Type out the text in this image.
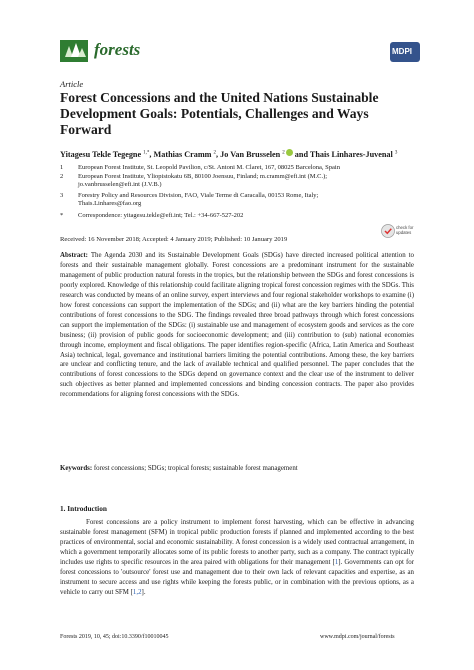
forests	MDPI
Article
Forest Concessions and the United Nations Sustainable Development Goals: Potentials, Challenges and Ways Forward
Yitagesu Tekle Tegegne $^{1,*}$, Mathias Cramm $^2$, Jo Van Brusselen $^2$ and Thais Linhares-Juvenal $^3$
1 European Forest Institute, St. Leopold Pavilion, c/St. Antoni M. Claret, 167, 08025 Barcelona, Spain
2 European Forest Institute, Yliopistokatu 6B, 80100 Joensuu, Finland; m.cramm@efi.int (M.C.); jo.vanbrusselen@efi.int (J.V.B.)
3 Forestry Policy and Resources Division, FAO, Viale Terme di Caracalla, 00153 Rome, Italy; Thais.Linhares@fao.org
* Correspondence: yitagesu.tekle@efi.int; Tel.: +34-667-527-202
check for updates
Received: 16 November 2018; Accepted: 4 January 2019; Published: 10 January 2019
Abstract: The Agenda 2030 and its Sustainable Development Goals (SDGs) have directed increased political attention to forests and their sustainable management globally. Forest concessions are a predominant instrument for the sustainable management of public production natural forests in the tropics, but the relationship between the SDGs and forest concessions is poorly explored. Knowledge of this relationship could facilitate aligning tropical forest concession regimes with the SDGs. This research was conducted by means of an online survey, expert interviews and four regional stakeholder workshops to examine (i) how forest concessions can support the implementation of the SDGs; and (ii) what are the key barriers hinding the potential contributions of forest concessions to the SDG. The findings revealed three broad pathways through which forest concessions can support the implementation of the SDGs: (i) sustainable use and management of ecosystem goods and services as the core business; (ii) provision of public goods for socioeconomic development; and (iii) contribution to (sub) national economies through income, employment and fiscal obligations. The paper identifies region-specific (Africa, Latin America and Southeast Asia) technical, legal, governance and institutional barriers limiting the potential contributions. Among these, the key barriers are unclear and conflicting tenure, and the lack of available technical and qualified personnel. The paper concludes that the contributions of forest concessions to the SDGs depend on governance context and the clear use of the instrument to deliver such objectives as better planned and implemented concessions and binding concession contracts. The paper also provides recommendations for aligning forest concessions with the SDGs.
Keywords: forest concessions; SDGs; tropical forests; sustainable forest management
1. Introduction
Forest concessions are a policy instrument to implement forest harvesting, which can be effective in advancing sustainable forest management (SFM) in tropical public production forests if planned and implemented according to the best practices of environmental, social and economic sustainability. A forest concession is a widely used contractual arrangement, in which a government temporarily allocates some of its public forests to another party, such as a company. The contract typically includes use rights to specific resources in the area paired with obligations for their management [1]. Governments can opt for forest concessions to 'outsource' forest use and management due to their own lack of relevant capacities and expertise, as an instrument to secure access and use rights while keeping the forests public, or in combination with the previous options, as a vehicle to carry out SFM [1,2].
Forests 2019, 10, 45; doi:10.3390/f10010045	www.mdpi.com/journal/forests
